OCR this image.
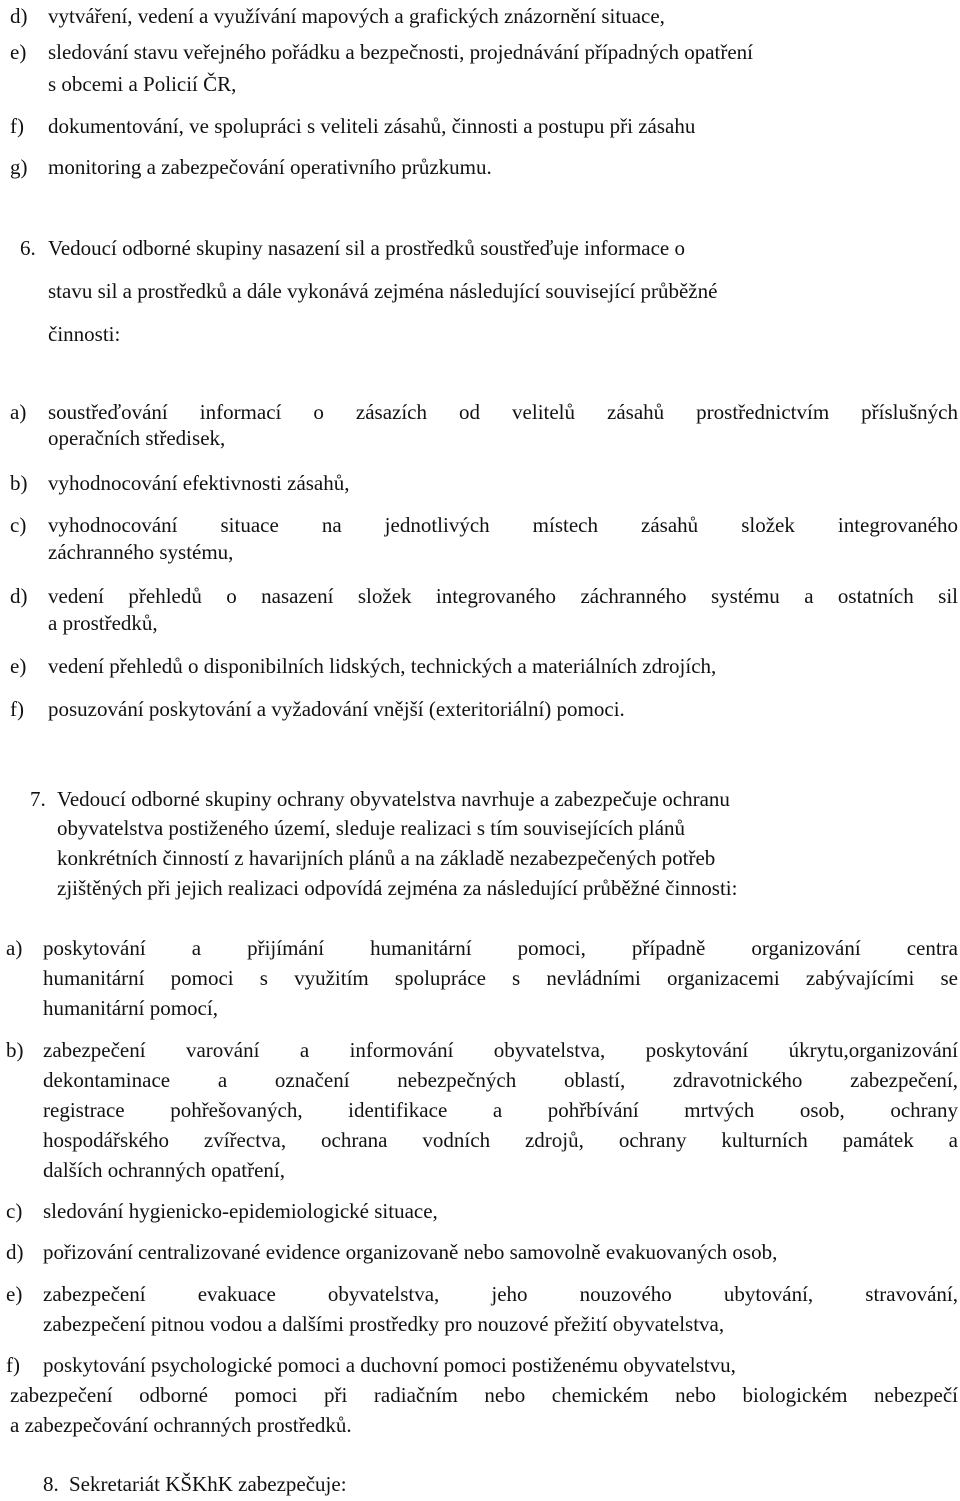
d) vytváření, vedení a využívání mapových a grafických znázornění situace,
e) sledování stavu veřejného pořádku a bezpečnosti, projednávání případných opatření
s obcemi a Policií ČR,
f) dokumentování, ve spolupráci s veliteli zásahů, činnosti a postupu při zásahu
g) monitoring a zabezpečování operativního průzkumu.
6. Vedoucí odborné skupiny nasazení sil a prostředků soustřeďuje informace o
stavu sil a prostředků a dále vykonává zejména následující související průběžné
činnosti:
a) soustřeďování informací o zásazích od velitelů zásahů prostřednictvím příslušných
operačních středisek,
b) vyhodnocování efektivnosti zásahů,
c) vyhodnocování situace na jednotlivých místech zásahů složek integrovaného
záchranného systému,
d) vedení přehledů o nasazení složek integrovaného záchranného systému a ostatních sil
a prostředků,
e) vedení přehledů o disponibilních lidských, technických a materiálních zdrojích,
f) posuzování poskytování a vyžadování vnější (exteritoriální) pomoci.
7. Vedoucí odborné skupiny ochrany obyvatelstva navrhuje a zabezpečuje ochranu
obyvatelstva postiženého území, sleduje realizaci s tím souvisejících plánů
konkrétních činností z havarijních plánů a na základě nezabezpečených potřeb
zjištěných při jejich realizaci odpovídá zejména za následující průběžné činnosti:
a) poskytování a přijímání humanitární pomoci, případně organizování centra
humanitární pomoci s využitím spolupráce s nevládními organizacemi zabývajícími se
humanitární pomocí,
b) zabezpečení varování a informování obyvatelstva, poskytování úkrytu,organizování
dekontaminace a označení nebezpečných oblastí, zdravotnického zabezpečení,
registrace pohřešovaných, identifikace a pohřbívání mrtvých osob, ochrany
hospodářského zvířectva, ochrana vodních zdrojů, ochrany kulturních památek a
dalších ochranných opatření,
c) sledování hygienicko-epidemiologické situace,
d) pořizování centralizované evidence organizovaně nebo samovolně evakuovaných osob,
e) zabezpečení evakuace obyvatelstva, jeho nouzového ubytování, stravování,
zabezpečení pitnou vodou a dalšími prostředky pro nouzové přežití obyvatelstva,
f) poskytování psychologické pomoci a duchovní pomoci postiženému obyvatelstvu,
zabezpečení odborné pomoci při radiačním nebo chemickém nebo biologickém nebezpečí
a zabezpečování ochranných prostředků.
8. Sekretariát KŠKhK zabezpečuje:
